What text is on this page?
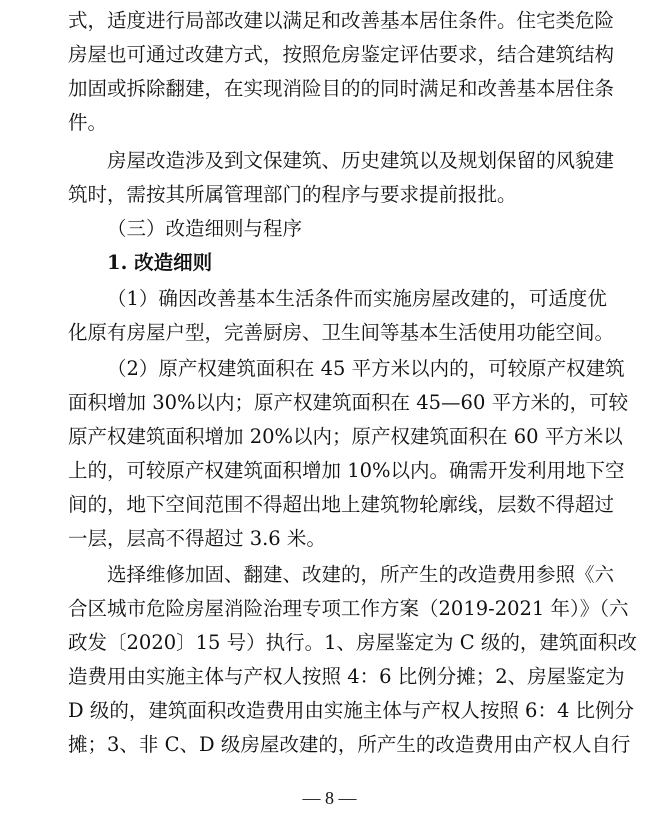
式，适度进行局部改建以满足和改善基本居住条件。住宅类危险
房屋也可通过改建方式，按照危房鉴定评估要求，结合建筑结构
加固或拆除翻建，在实现消险目的的同时满足和改善基本居住条
件。
房屋改造涉及到文保建筑、历史建筑以及规划保留的风貌建
筑时，需按其所属管理部门的程序与要求提前报批。
（三）改造细则与程序
1. 改造细则
（1）确因改善基本生活条件而实施房屋改建的，可适度优
化原有房屋户型，完善厨房、卫生间等基本生活使用功能空间。
（2）原产权建筑面积在 45 平方米以内的，可较原产权建筑
面积增加 30%以内；原产权建筑面积在 45—60 平方米的，可较
原产权建筑面积增加 20%以内；原产权建筑面积在 60 平方米以
上的，可较原产权建筑面积增加 10%以内。确需开发利用地下空
间的，地下空间范围不得超出地上建筑物轮廓线，层数不得超过
一层，层高不得超过 3.6 米。
选择维修加固、翻建、改建的，所产生的改造费用参照《六
合区城市危险房屋消险治理专项工作方案（2019-2021 年）》（六
政发〔2020〕15 号）执行。1、房屋鉴定为 C 级的，建筑面积改
造费用由实施主体与产权人按照 4：6 比例分摊；2、房屋鉴定为
D 级的，建筑面积改造费用由实施主体与产权人按照 6：4 比例分
摊；3、非 C、D 级房屋改建的，所产生的改造费用由产权人自行
— 8 —
